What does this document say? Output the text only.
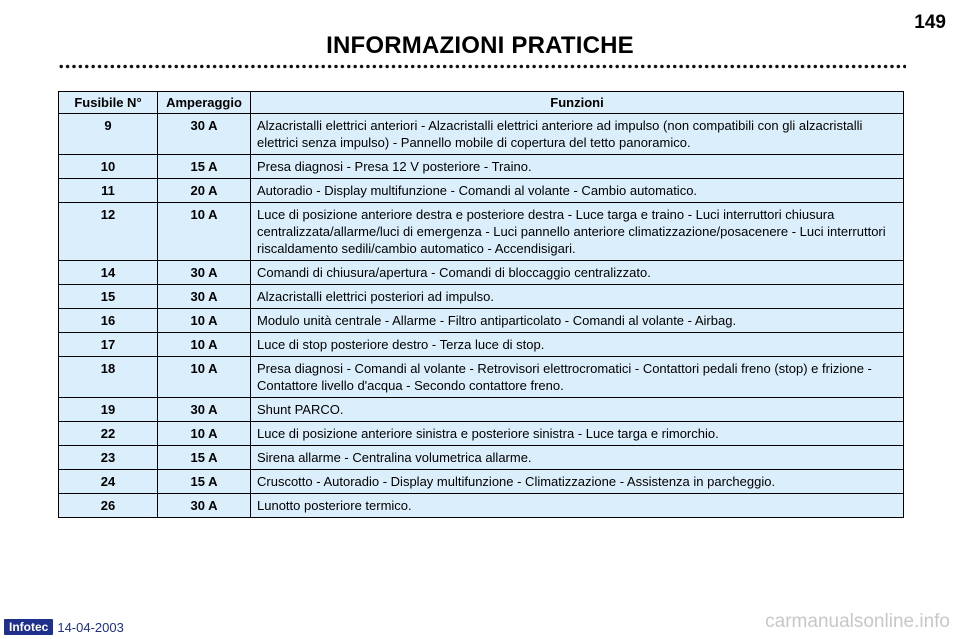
149
INFORMAZIONI PRATICHE
Fusibile N°	Amperaggio	Funzioni
9	30 A	Alzacristalli elettrici anteriori - Alzacristalli elettrici anteriore ad impulso (non compatibili con gli alzacristalli elettrici senza impulso) - Pannello mobile di copertura del tetto panoramico.
10	15 A	Presa diagnosi - Presa 12 V posteriore - Traino.
11	20 A	Autoradio - Display multifunzione - Comandi al volante - Cambio automatico.
12	10 A	Luce di posizione anteriore destra e posteriore destra - Luce targa e traino - Luci interruttori chiusura centralizzata/allarme/luci di emergenza - Luci pannello anteriore climatizzazione/posacenere - Luci interruttori riscaldamento sedili/cambio automatico - Accendisigari.
14	30 A	Comandi di chiusura/apertura - Comandi di bloccaggio centralizzato.
15	30 A	Alzacristalli elettrici posteriori ad impulso.
16	10 A	Modulo unità centrale - Allarme - Filtro antiparticolato - Comandi al volante - Airbag.
17	10 A	Luce di stop posteriore destro - Terza luce di stop.
18	10 A	Presa diagnosi - Comandi al volante - Retrovisori elettrocromatici - Contattori pedali freno (stop) e frizione - Contattore livello d'acqua - Secondo contattore freno.
19	30 A	Shunt PARCO.
22	10 A	Luce di posizione anteriore sinistra e posteriore sinistra - Luce targa e rimorchio.
23	15 A	Sirena allarme - Centralina volumetrica allarme.
24	15 A	Cruscotto - Autoradio - Display multifunzione - Climatizzazione - Assistenza in parcheggio.
26	30 A	Lunotto posteriore termico.
Infotec 14-04-2003	carmanualsonline.info
